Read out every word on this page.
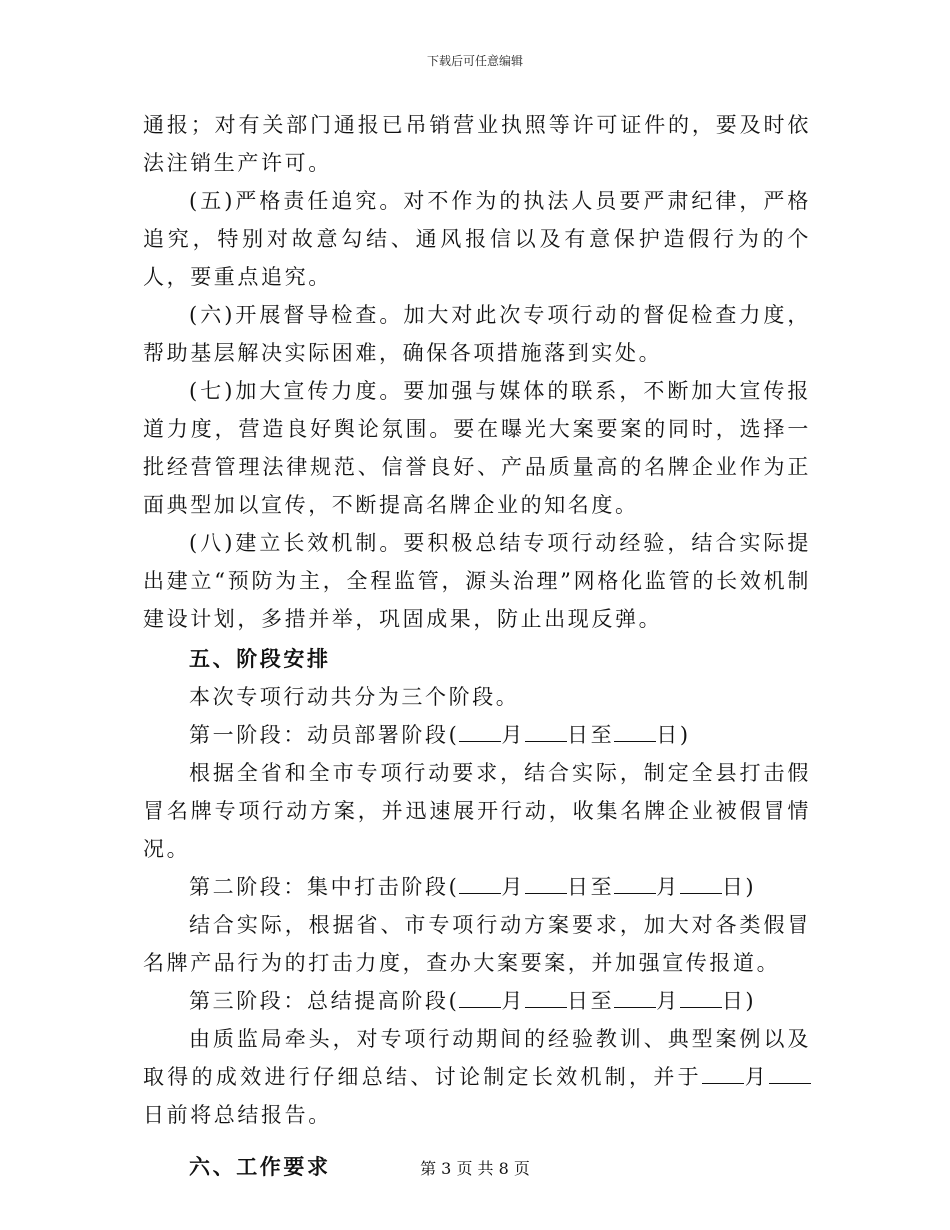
下载后可任意编辑

通报；对有关部门通报已吊销营业执照等许可证件的，要及时依法注销生产许可。

(五)严格责任追究。对不作为的执法人员要严肃纪律，严格追究，特别对故意勾结、通风报信以及有意保护造假行为的个人，要重点追究。

(六)开展督导检查。加大对此次专项行动的督促检查力度，帮助基层解决实际困难，确保各项措施落到实处。

(七)加大宣传力度。要加强与媒体的联系，不断加大宣传报道力度，营造良好舆论氛围。要在曝光大案要案的同时，选择一批经营管理法律规范、信誉良好、产品质量高的名牌企业作为正面典型加以宣传，不断提高名牌企业的知名度。

(八)建立长效机制。要积极总结专项行动经验，结合实际提出建立“预防为主，全程监管，源头治理”网格化监管的长效机制建设计划，多措并举，巩固成果，防止出现反弹。

五、阶段安排

本次专项行动共分为三个阶段。

第一阶段：动员部署阶段( 月 日至 日)

根据全省和全市专项行动要求，结合实际，制定全县打击假冒名牌专项行动方案，并迅速展开行动，收集名牌企业被假冒情况。

第二阶段：集中打击阶段( 月 日至 月 日)

结合实际，根据省、市专项行动方案要求，加大对各类假冒名牌产品行为的打击力度，查办大案要案，并加强宣传报道。

第三阶段：总结提高阶段( 月 日至 月 日)

由质监局牵头，对专项行动期间的经验教训、典型案例以及取得的成效进行仔细总结、讨论制定长效机制，并于 月日前将总结报告。

六、工作要求	第 3 页 共 8 页
